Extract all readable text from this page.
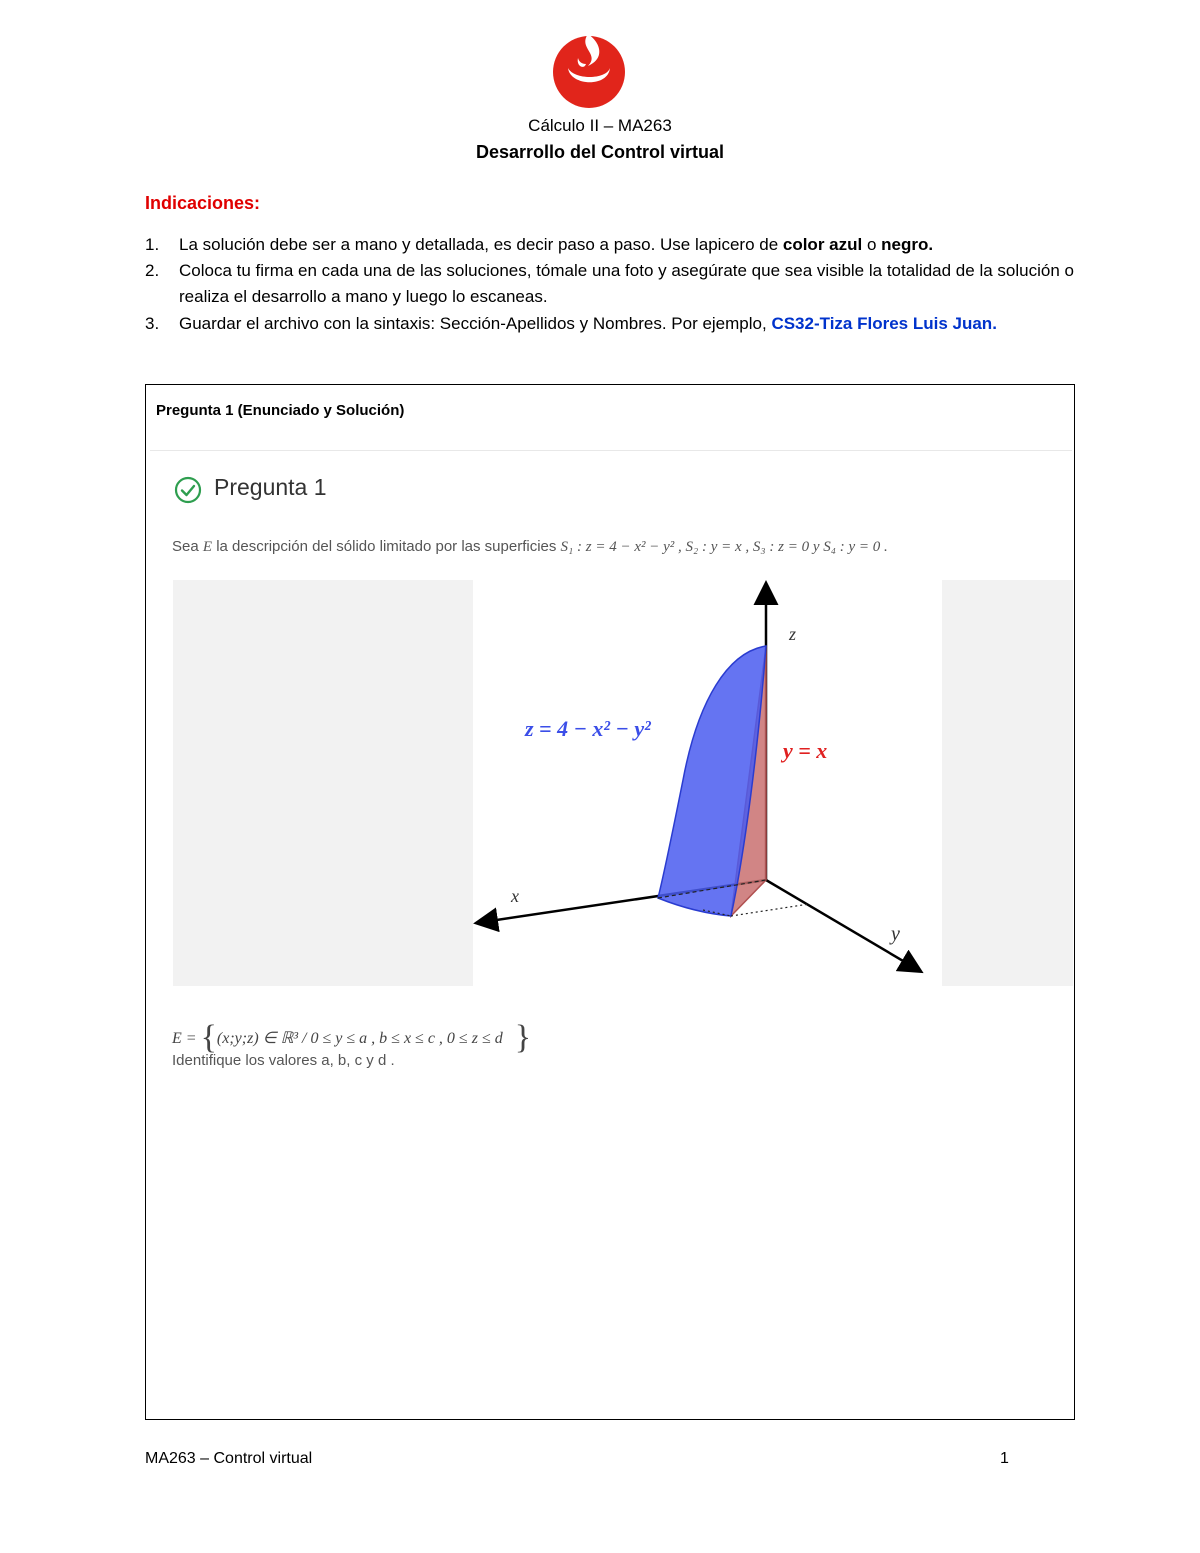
Cálculo II – MA263
Desarrollo del Control virtual
Indicaciones:
1.	La solución debe ser a mano y detallada, es decir paso a paso. Use lapicero de color azul o negro.
2.	Coloca tu firma en cada una de las soluciones, tómale una foto y asegúrate que sea visible la totalidad de la solución o realiza el desarrollo a mano y luego lo escaneas.
3.	Guardar el archivo con la sintaxis: Sección-Apellidos y Nombres. Por ejemplo, CS32-Tiza Flores Luis Juan.
Pregunta 1 (Enunciado y Solución)
Pregunta 1
Sea E la descripción del sólido limitado por las superficies S₁ : z = 4 − x² − y² , S₂ : y = x , S₃ : z = 0 y S₄ : y = 0 .
z = 4 − x² − y²
y = x
x
y
z
E = {(x;y;z) ∈ ℝ³ / 0 ≤ y ≤ a , b ≤ x ≤ c , 0 ≤ z ≤ d }
Identifique los valores a, b, c y d .
MA263 – Control virtual	1
